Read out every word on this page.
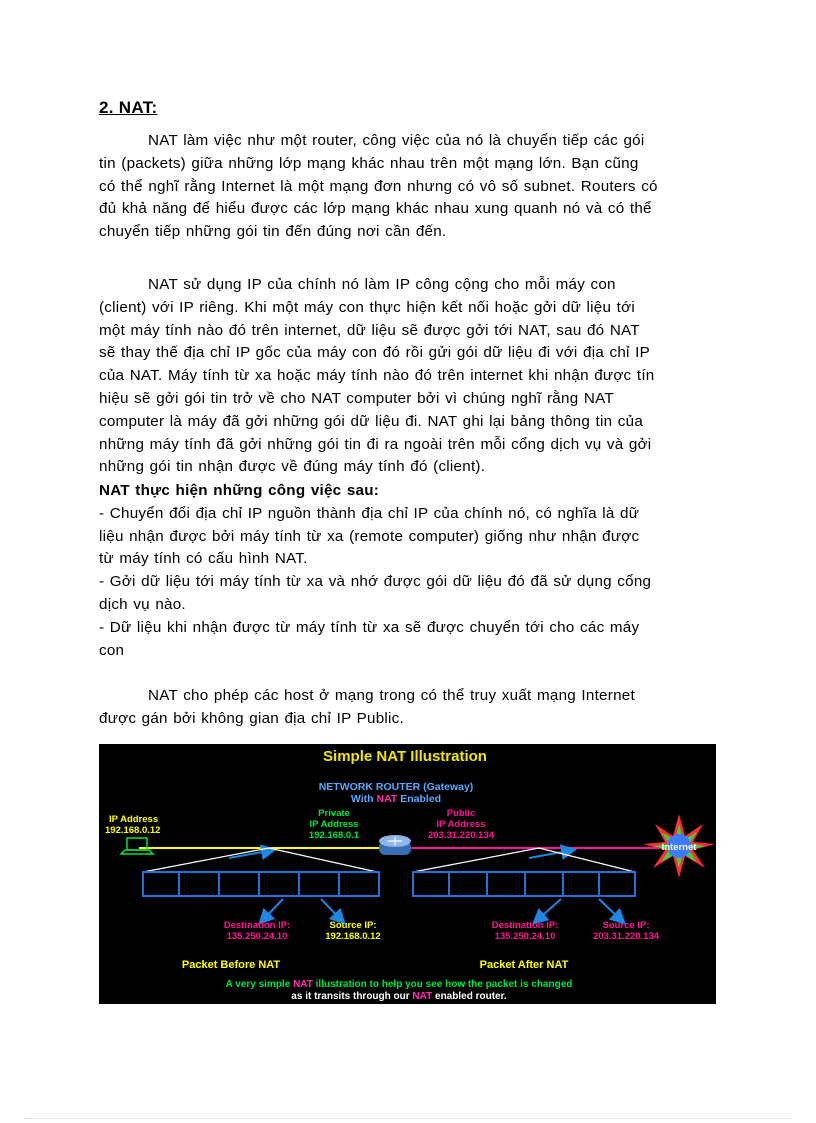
2. NAT:
NAT làm việc như một router, công việc của nó là chuyển tiếp các gói
tin (packets) giữa những lớp mạng khác nhau trên một mạng lớn. Bạn cũng
có thể nghĩ rằng Internet là một mạng đơn nhưng có vô số subnet. Routers có
đủ khả năng để hiểu được các lớp mạng khác nhau xung quanh nó và có thể
chuyển tiếp những gói tin đến đúng nơi cần đến.
NAT sử dụng IP của chính nó làm IP công cộng cho mỗi máy con
(client) với IP riêng. Khi một máy con thực hiện kết nối hoặc gởi dữ liệu tới
một máy tính nào đó trên internet, dữ liệu sẽ được gởi tới NAT, sau đó NAT
sẽ thay thế địa chỉ IP gốc của máy con đó rồi gửi gói dữ liệu đi với địa chỉ IP
của NAT. Máy tính từ xa hoặc máy tính nào đó trên internet khi nhận được tín
hiệu sẽ gởi gói tin trở về cho NAT computer bởi vì chúng nghĩ rằng NAT
computer là máy đã gởi những gói dữ liệu đi. NAT ghi lại bảng thông tin của
những máy tính đã gởi những gói tin đi ra ngoài trên mỗi cổng dịch vụ và gởi
những gói tin nhận được về đúng máy tính đó (client).
NAT thực hiện những công việc sau:
- Chuyển đổi địa chỉ IP nguồn thành địa chỉ IP của chính nó, có nghĩa là dữ
liệu nhận được bởi máy tính từ xa (remote computer) giống như nhận được
từ máy tính có cấu hình NAT.
- Gởi dữ liệu tới máy tính từ xa và nhớ được gói dữ liệu đó đã sử dụng cổng
dịch vụ nào.
- Dữ liệu khi nhận được từ máy tính từ xa sẽ được chuyển tới cho các máy
con
NAT cho phép các host ở mạng trong có thể truy xuất mạng Internet
được gán bởi không gian địa chỉ IP Public.
Simple NAT Illustration
NETWORK ROUTER (Gateway)
With NAT Enabled
IP Address
192.168.0.12
Private
IP Address
192.168.0.1
Public
IP Address
203.31.220.134
Internet
Destination IP:
135.250.24.10
Source IP:
192.168.0.12
Destination IP:
135.250.24.10
Source IP:
203.31.220.134
Packet Before NAT	Packet After NAT
A very simple NAT illustration to help you see how the packet is changed
as it transits through our NAT enabled router.
